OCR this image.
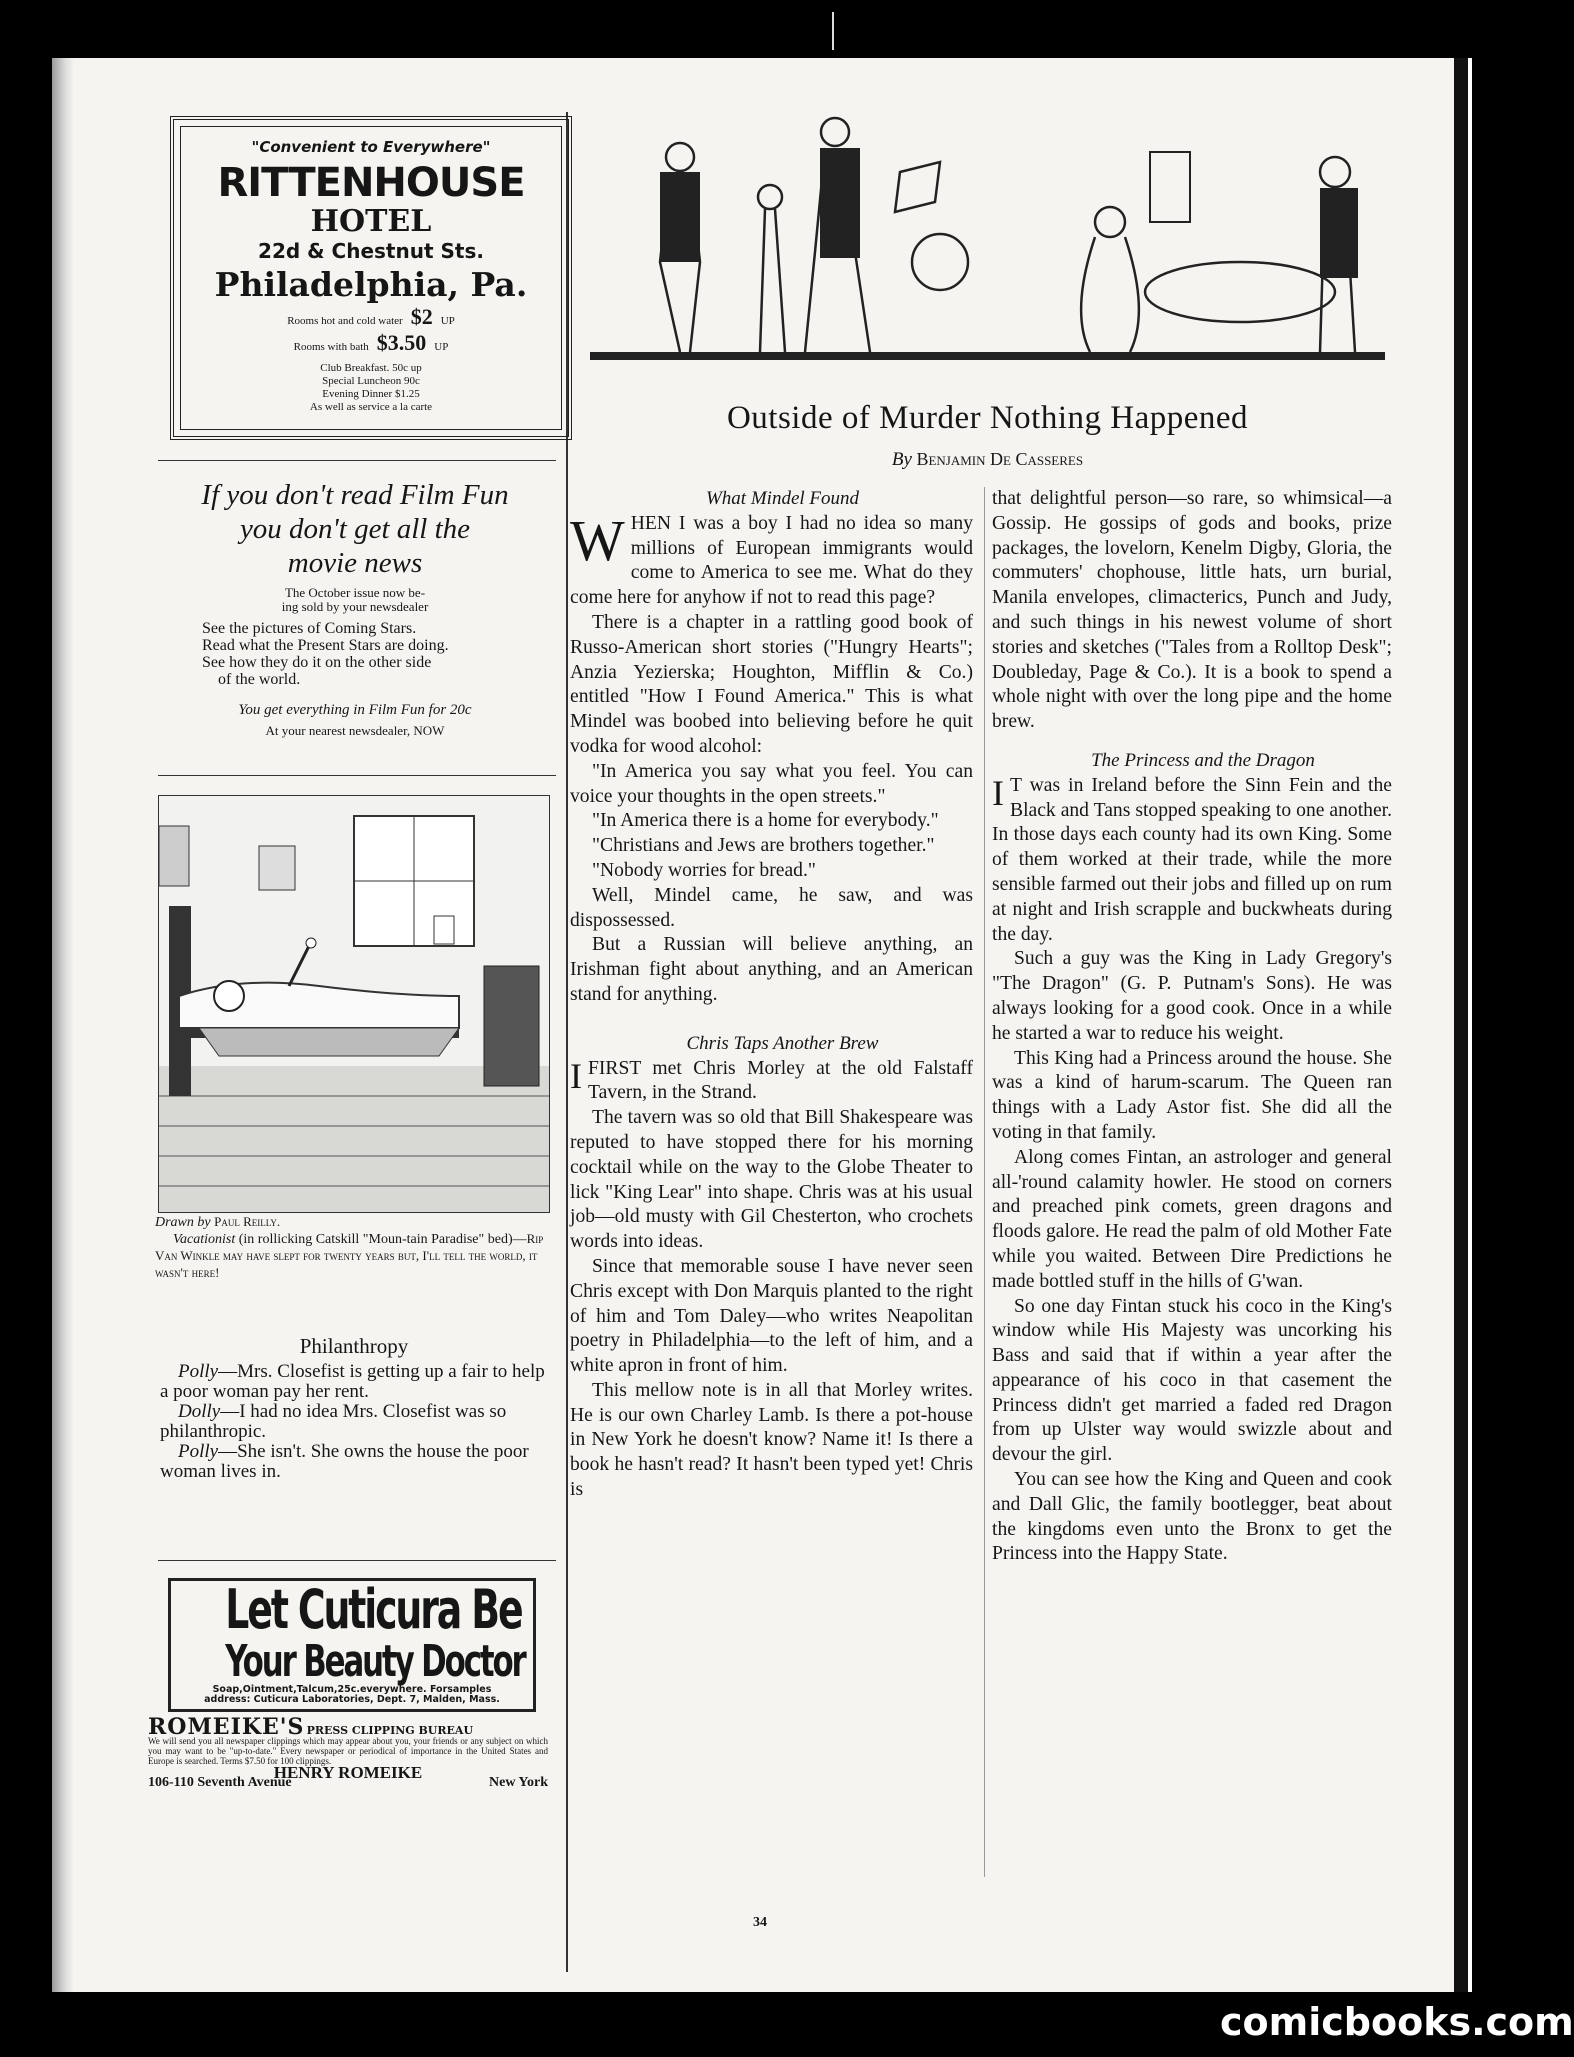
"Convenient to Everywhere"
RITTENHOUSE
HOTEL
22d & Chestnut Sts.
Philadelphia, Pa.
Rooms hot and cold water $2 UP
Rooms with bath $3.50 UP
Club Breakfast. 50c up
Special Luncheon 90c
Evening Dinner $1.25
As well as service a la carte
If you don't read Film Fun
you don't get all the
movie news
The October issue now be-
ing sold by your newsdealer
See the pictures of Coming Stars.
Read what the Present Stars are doing.
See how they do it on the other side
of the world.
You get everything in Film Fun for 20c
At your nearest newsdealer, NOW
Drawn by Paul Reilly.
Vacationist (in rollicking Catskill "Moun-tain Paradise" bed)—Rip Van Winkle may have slept for twenty years but, I'll tell the world, it wasn't here!
Philanthropy

Polly—Mrs. Closefist is getting up a fair to help a poor woman pay her rent.

Dolly—I had no idea Mrs. Closefist was so philanthropic.

Polly—She isn't. She owns the house the poor woman lives in.

Let Cuticura Be
Your Beauty Doctor
Soap,Ointment,Talcum,25c.everywhere. Forsamples
address: Cuticura Laboratories, Dept. 7, Malden, Mass.
ROMEIKE'S PRESS CLIPPING BUREAU
We will send you all newspaper clippings which may appear about you, your friends or any subject on which you may want to be "up-to-date." Every newspaper or periodical of importance in the United States and Europe is searched. Terms $7.50 for 100 clippings.
HENRY ROMEIKE
106-110 Seventh Avenue	New York
Outside of Murder Nothing Happened
By Benjamin De Casseres

What Mindel Found

WHEN I was a boy I had no idea so many millions of European immigrants would come to America to see me. What do they come here for anyhow if not to read this page?

There is a chapter in a rattling good book of Russo-American short stories ("Hungry Hearts"; Anzia Yezierska; Houghton, Mifflin & Co.) entitled "How I Found America." This is what Mindel was boobed into believing before he quit vodka for wood alcohol:

"In America you say what you feel. You can voice your thoughts in the open streets."

"In America there is a home for everybody."

"Christians and Jews are brothers together."

"Nobody worries for bread."

Well, Mindel came, he saw, and was dispossessed.

But a Russian will believe anything, an Irishman fight about anything, and an American stand for anything.

Chris Taps Another Brew

IFIRST met Chris Morley at the old Falstaff Tavern, in the Strand.

The tavern was so old that Bill Shakespeare was reputed to have stopped there for his morning cocktail while on the way to the Globe Theater to lick "King Lear" into shape. Chris was at his usual job—old musty with Gil Chesterton, who crochets words into ideas.

Since that memorable souse I have never seen Chris except with Don Marquis planted to the right of him and Tom Daley—who writes Neapolitan poetry in Philadelphia—to the left of him, and a white apron in front of him.

This mellow note is in all that Morley writes. He is our own Charley Lamb. Is there a pot-house in New York he doesn't know? Name it! Is there a book he hasn't read? It hasn't been typed yet! Chris is

that delightful person—so rare, so whimsical—a Gossip. He gossips of gods and books, prize packages, the lovelorn, Kenelm Digby, Gloria, the commuters' chophouse, little hats, urn burial, Manila envelopes, climacterics, Punch and Judy, and such things in his newest volume of short stories and sketches ("Tales from a Rolltop Desk"; Doubleday, Page & Co.). It is a book to spend a whole night with over the long pipe and the home brew.

The Princess and the Dragon

I T was in Ireland before the Sinn Fein and the Black and Tans stopped speaking to one another. In those days each county had its own King. Some of them worked at their trade, while the more sensible farmed out their jobs and filled up on rum at night and Irish scrapple and buckwheats during the day.

Such a guy was the King in Lady Gregory's "The Dragon" (G. P. Putnam's Sons). He was always looking for a good cook. Once in a while he started a war to reduce his weight.

This King had a Princess around the house. She was a kind of harum-scarum. The Queen ran things with a Lady Astor fist. She did all the voting in that family.

Along comes Fintan, an astrologer and general all-'round calamity howler. He stood on corners and preached pink comets, green dragons and floods galore. He read the palm of old Mother Fate while you waited. Between Dire Predictions he made bottled stuff in the hills of G'wan.

So one day Fintan stuck his coco in the King's window while His Majesty was uncorking his Bass and said that if within a year after the appearance of his coco in that casement the Princess didn't get married a faded red Dragon from up Ulster way would swizzle about and devour the girl.

You can see how the King and Queen and cook and Dall Glic, the family bootlegger, beat about the kingdoms even unto the Bronx to get the Princess into the Happy State.

34
comicbooks.com
